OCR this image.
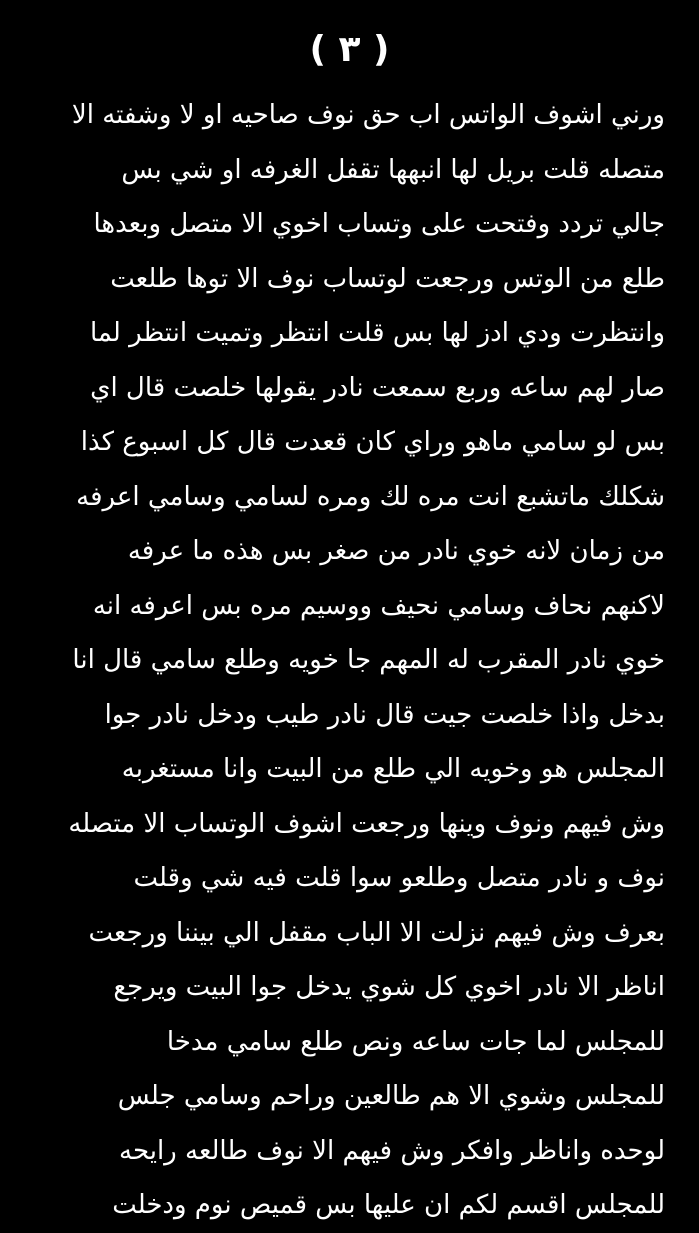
( ٣ )
ورني اشوف الواتس اب حق نوف صاحيه او لا وشفته الا
متصله قلت بريل لها انبهها تقفل الغرفه او شي بس
جالي تردد وفتحت على وتساب اخوي الا متصل وبعدها
طلع من الوتس ورجعت لوتساب نوف الا توها طلعت
وانتظرت ودي ادز لها بس قلت انتظر وتميت انتظر لما
صار لهم ساعه وربع سمعت نادر يقولها خلصت قال اي
بس لو سامي ماهو وراي كان قعدت قال كل اسبوع كذا
شكلك ماتشبع انت مره لك ومره لسامي وسامي اعرفه
من زمان لانه خوي نادر من صغر بس هذه ما عرفه
لاكنهم نحاف وسامي نحيف ووسيم مره بس اعرفه انه
خوي نادر المقرب له المهم جا خويه وطلع سامي قال انا
بدخل واذا خلصت جيت قال نادر طيب ودخل نادر جوا
المجلس هو وخويه الي طلع من البيت وانا مستغربه
وش فيهم ونوف وينها ورجعت اشوف الوتساب الا متصله
نوف و نادر متصل وطلعو سوا قلت فيه شي وقلت
بعرف وش فيهم نزلت الا الباب مقفل الي بيننا ورجعت
اناظر الا نادر اخوي كل شوي يدخل جوا البيت ويرجع
للمجلس لما جات ساعه ونص طلع سامي مدخا
للمجلس وشوي الا هم طالعين وراحم وسامي جلس
لوحده واناظر وافكر وش فيهم الا نوف طالعه رايحه
للمجلس اقسم لكم ان عليها بس قميص نوم ودخلت
